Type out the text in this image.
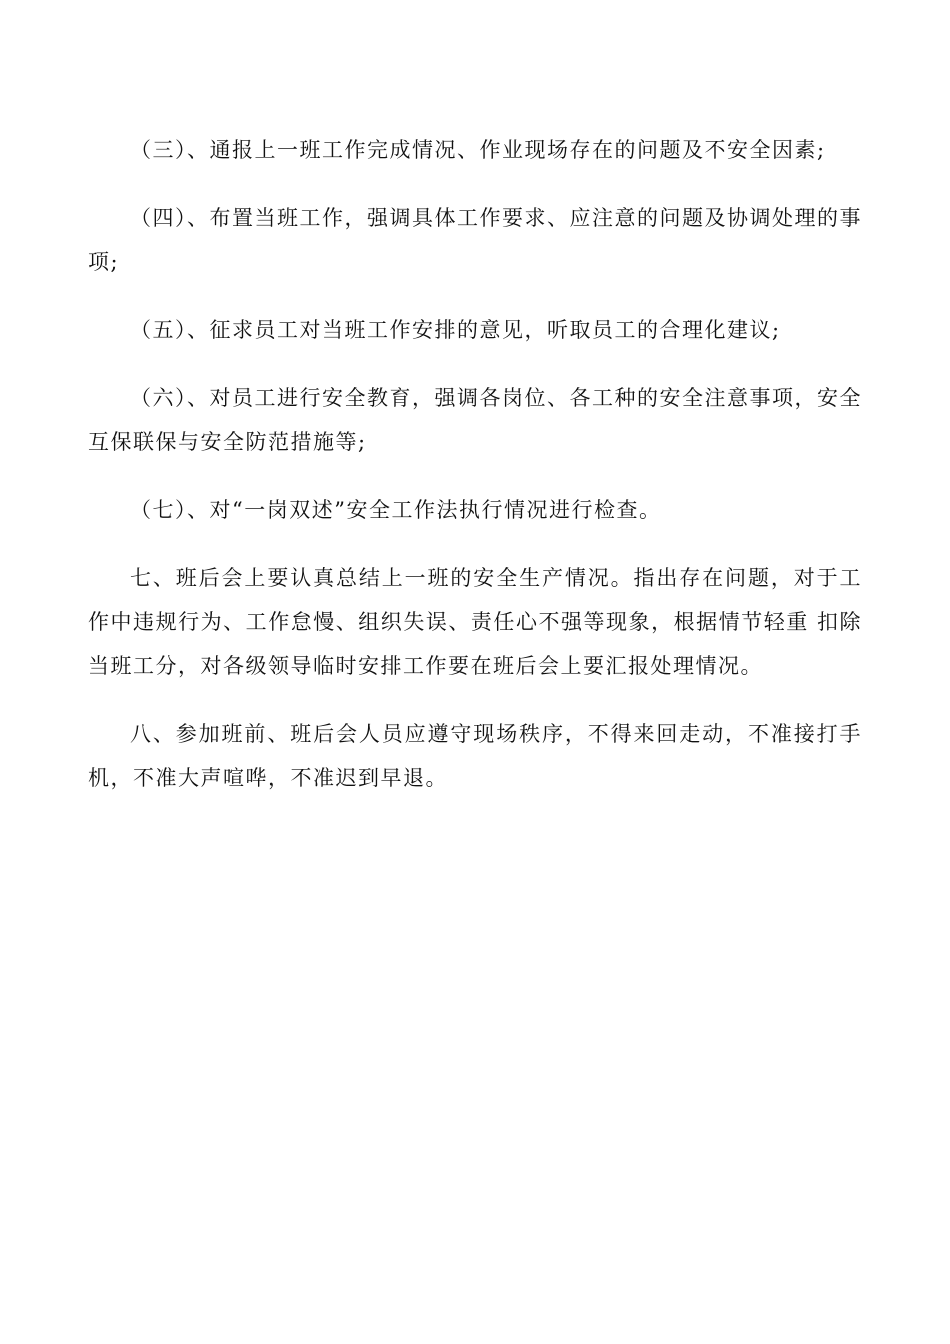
（三）、通报上一班工作完成情况、作业现场存在的问题及不安全因素;

（四）、布置当班工作，强调具体工作要求、应注意的问题及协调处理的事项;

（五）、征求员工对当班工作安排的意见，听取员工的合理化建议;

（六）、对员工进行安全教育，强调各岗位、各工种的安全注意事项，安全互保联保与安全防范措施等;

（七）、对“一岗双述”安全工作法执行情况进行检查。

七、班后会上要认真总结上一班的安全生产情况。指出存在问题，对于工作中违规行为、工作怠慢、组织失误、责任心不强等现象，根据情节轻重 扣除当班工分，对各级领导临时安排工作要在班后会上要汇报处理情况。

八、参加班前、班后会人员应遵守现场秩序，不得来回走动，不准接打手机，不准大声喧哗，不准迟到早退。
